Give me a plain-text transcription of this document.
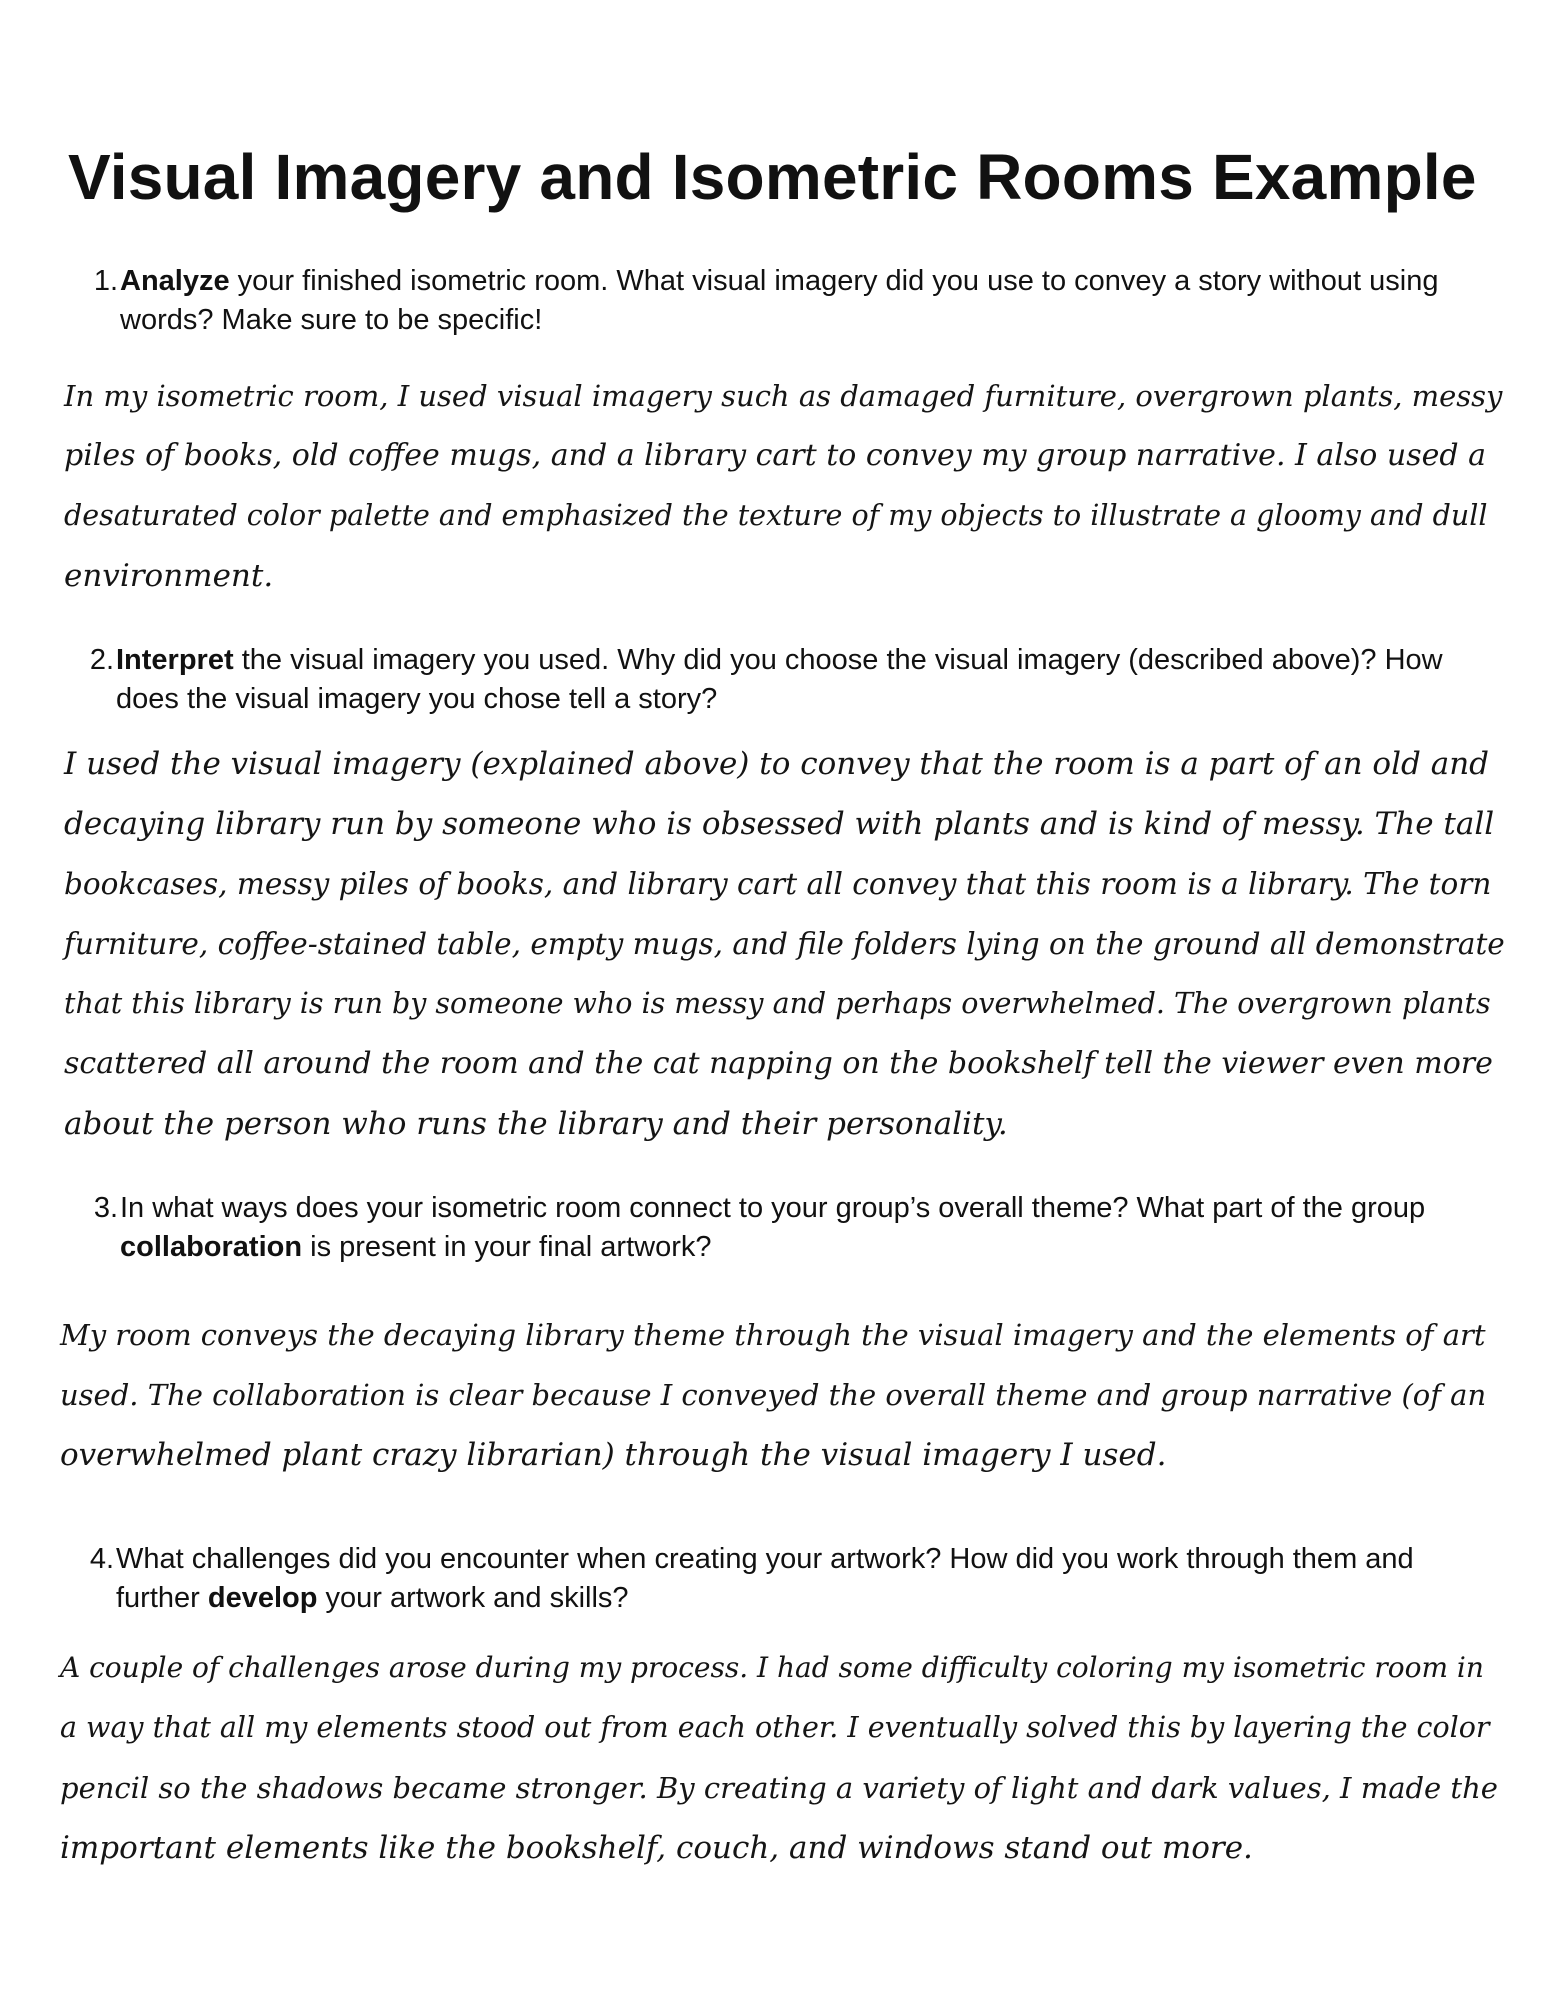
Visual Imagery and Isometric Rooms Example
1. Analyze your finished isometric room. What visual imagery did you use to convey a story without using words? Make sure to be specific!
In my isometric room, I used visual imagery such as damaged furniture, overgrown plants, messy
piles of books, old coffee mugs, and a library cart to convey my group narrative. I also used a
desaturated color palette and emphasized the texture of my objects to illustrate a gloomy and dull
environment.
2. Interpret the visual imagery you used. Why did you choose the visual imagery (described above)? How does the visual imagery you chose tell a story?
I used the visual imagery (explained above) to convey that the room is a part of an old and
decaying library run by someone who is obsessed with plants and is kind of messy. The tall
bookcases, messy piles of books, and library cart all convey that this room is a library. The torn
furniture, coffee-stained table, empty mugs, and file folders lying on the ground all demonstrate
that this library is run by someone who is messy and perhaps overwhelmed. The overgrown plants
scattered all around the room and the cat napping on the bookshelf tell the viewer even more
about the person who runs the library and their personality.
3. In what ways does your isometric room connect to your group’s overall theme? What part of the group collaboration is present in your final artwork?
My room conveys the decaying library theme through the visual imagery and the elements of art
used. The collaboration is clear because I conveyed the overall theme and group narrative (of an
overwhelmed plant crazy librarian) through the visual imagery I used.
4. What challenges did you encounter when creating your artwork? How did you work through them and further develop your artwork and skills?
A couple of challenges arose during my process. I had some difficulty coloring my isometric room in
a way that all my elements stood out from each other. I eventually solved this by layering the color
pencil so the shadows became stronger. By creating a variety of light and dark values, I made the
important elements like the bookshelf, couch, and windows stand out more.
